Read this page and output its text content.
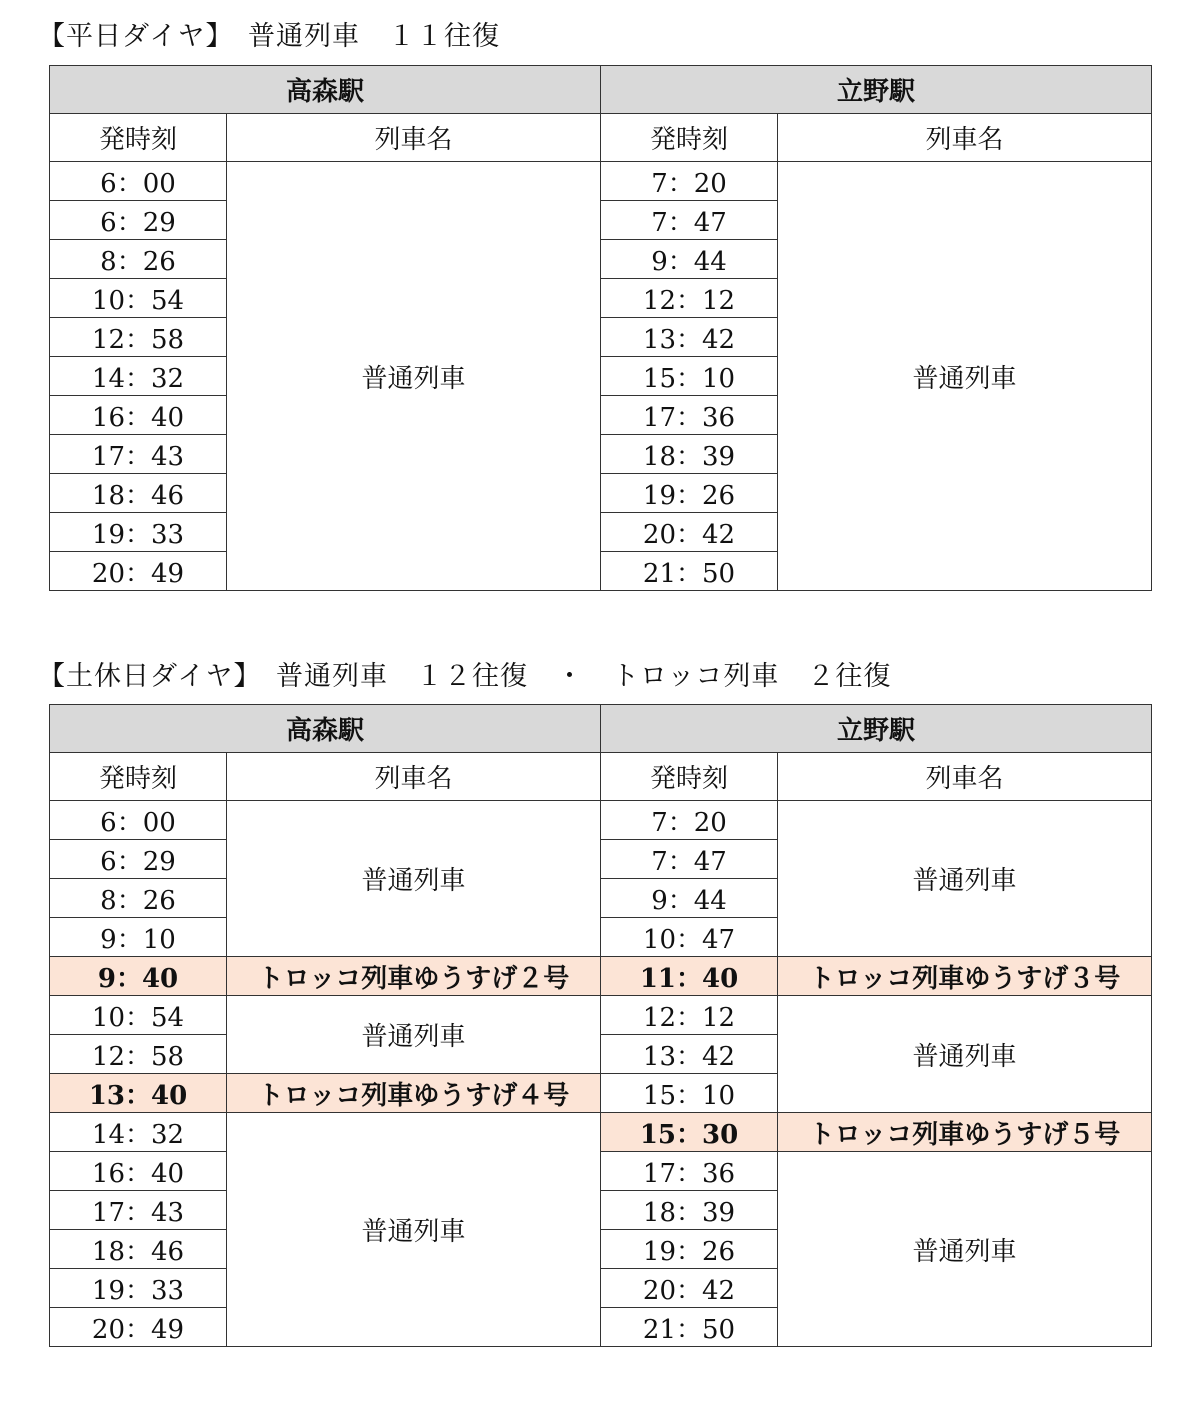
【平日ダイヤ】　普通列車　１１往復
高森駅		立野駅	
発時刻	列車名	発時刻	列車名
6：00	普通列車	7：20	普通列車
6：29		7：47	
8：26		9：44	
10：54		12：12	
12：58		13：42	
14：32		15：10	
16：40		17：36	
17：43		18：39	
18：46		19：26	
19：33		20：42	
20：49		21：50	
【土休日ダイヤ】　普通列車　１２往復　・　トロッコ列車　２往復
高森駅		立野駅	
発時刻	列車名	発時刻	列車名
6：00	普通列車	7：20	普通列車
6：29		7：47	
8：26		9：44	
9：10		10：47	
9：40	トロッコ列車ゆうすげ２号	11：40	トロッコ列車ゆうすげ３号
10：54	普通列車	12：12	普通列車
12：58		13：42	
13：40	トロッコ列車ゆうすげ４号	15：10	
14：32	普通列車	15：30	トロッコ列車ゆうすげ５号
16：40		17：36	普通列車
17：43		18：39	
18：46		19：26	
19：33		20：42	
20：49		21：50	
